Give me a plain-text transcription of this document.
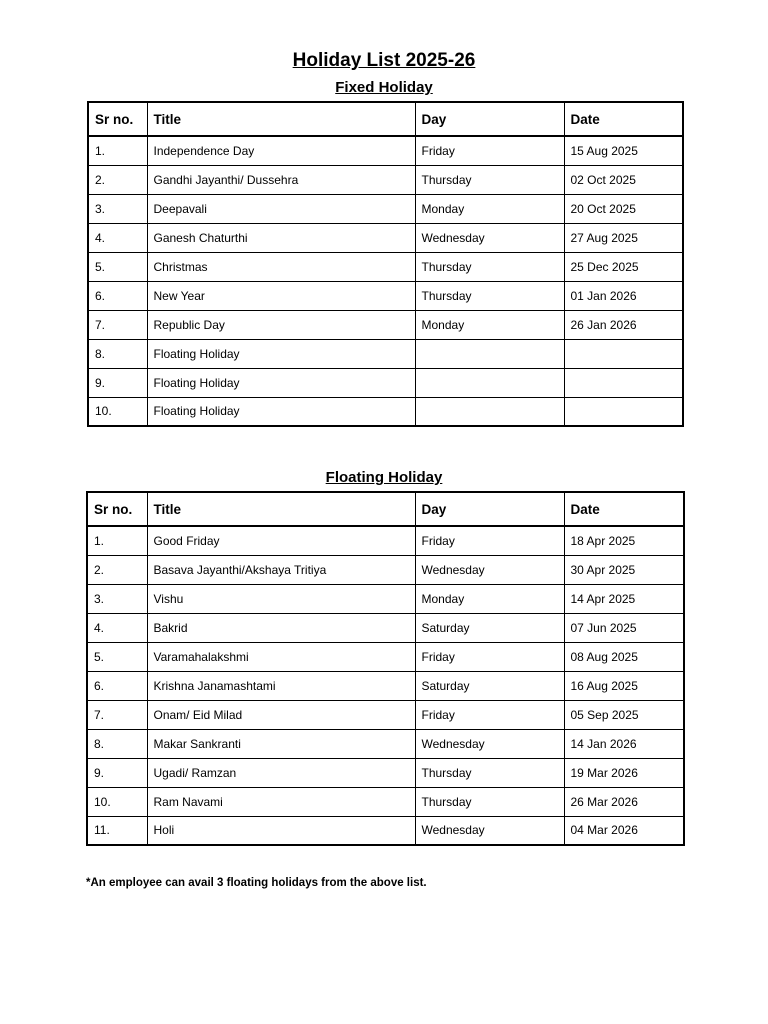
Holiday List 2025-26
Fixed Holiday
Sr no.	Title	Day	Date
1.	Independence Day	Friday	15 Aug 2025
2.	Gandhi Jayanthi/ Dussehra	Thursday	02 Oct 2025
3.	Deepavali	Monday	20 Oct 2025
4.	Ganesh Chaturthi	Wednesday	27 Aug 2025
5.	Christmas	Thursday	25 Dec 2025
6.	New Year	Thursday	01 Jan 2026
7.	Republic Day	Monday	26 Jan 2026
8.	Floating Holiday		
9.	Floating Holiday		
10.	Floating Holiday		
Floating Holiday
Sr no.	Title	Day	Date
1.	Good Friday	Friday	18 Apr 2025
2.	Basava Jayanthi/Akshaya Tritiya	Wednesday	30 Apr 2025
3.	Vishu	Monday	14 Apr 2025
4.	Bakrid	Saturday	07 Jun 2025
5.	Varamahalakshmi	Friday	08 Aug 2025
6.	Krishna Janamashtami	Saturday	16 Aug 2025
7.	Onam/ Eid Milad	Friday	05 Sep 2025
8.	Makar Sankranti	Wednesday	14 Jan 2026
9.	Ugadi/ Ramzan	Thursday	19 Mar 2026
10.	Ram Navami	Thursday	26 Mar 2026
11.	Holi	Wednesday	04 Mar 2026
*An employee can avail 3 floating holidays from the above list.
